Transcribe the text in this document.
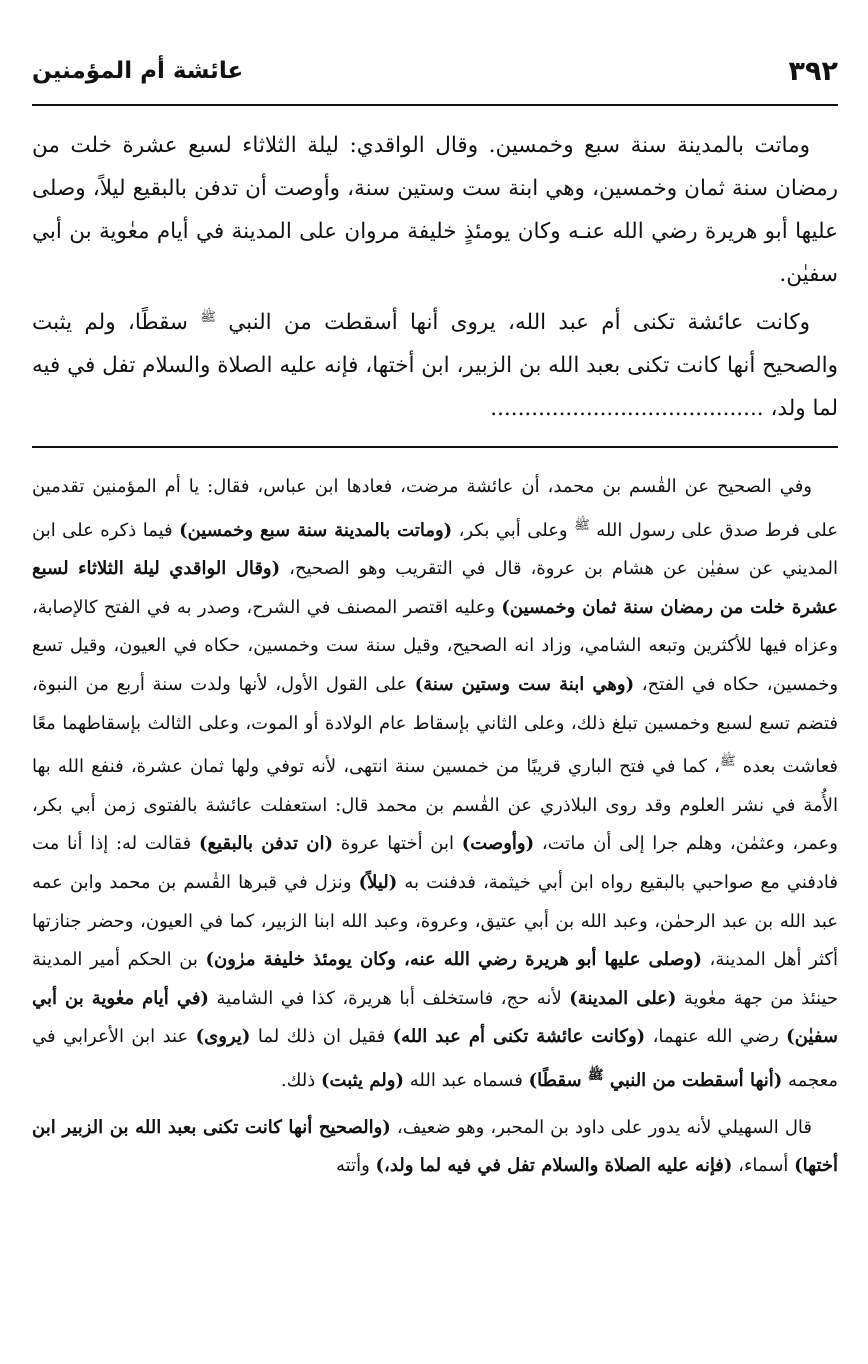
٣٩٢
عائشة أم المؤمنين

وماتت بالمدينة سنة سبع وخمسين. وقال الواقدي: ليلة الثلاثاء لسبع عشرة خلت من رمضان سنة ثمان وخمسين، وهي ابنة ست وستين سنة، وأوصت أن تدفن بالبقيع ليلاً، وصلى عليها أبو هريرة رضي الله عنـه وكان يومئذٍ خليفة مروان على المدينة في أيام معٰوية بن أبي سفيٰن.

وكانت عائشة تكنى أم عبد الله، يروى أنها أسقطت من النبي $^ﷺ$ سقطًا، ولم يثبت والصحيح أنها كانت تكنى بعبد الله بن الزبير، ابن أختها، فإنه عليه الصلاة والسلام تفل في فيه لما ولد، ........................................

وفي الصحيح عن القٰسم بن محمد، أن عائشة مرضت، فعادها ابن عباس، فقال: يا أم المؤمنين تقدمين على فرط صدق على رسول الله $^ﷺ$ وعلى أبي بكر، (وماتت بالمدينة سنة سبع وخمسين) فيما ذكره على ابن المديني عن سفيٰن عن هشام بن عروة، قال في التقريب وهو الصحيح، (وقال الواقدي ليلة الثلاثاء لسبع عشرة خلت من رمضان سنة ثمان وخمسين) وعليه اقتصر المصنف في الشرح، وصدر به في الفتح كالإصابة، وعزاه فيها للأكثرين وتبعه الشامي، وزاد انه الصحيح، وقيل سنة ست وخمسين، حكاه في العيون، وقيل تسع وخمسين، حكاه في الفتح، (وهي ابنة ست وستين سنة) على القول الأول، لأنها ولدت سنة أربع من النبوة، فتضم تسع لسبع وخمسين تبلغ ذلك، وعلى الثاني بإسقاط عام الولادة أو الموت، وعلى الثالث بإسقاطهما معًا فعاشت بعده $^ﷺ$، كما في فتح الباري قريبًا من خمسين سنة انتهى، لأنه توفي ولها ثمان عشرة، فنفع الله بها الأُمة في نشر العلوم وقد روى البلاذري عن القٰسم بن محمد قال: استعفلت عائشة بالفتوى زمن أبي بكر، وعمر، وعثمٰن، وهلم جرا إلى أن ماتت، (وأوصت) ابن أختها عروة (ان تدفن بالبقيع) فقالت له: إذا أنا مت فادفني مع صواحبي بالبقيع رواه ابن أبي خيثمة، فدفنت به (ليلاً) ونزل في قبرها القٰسم بن محمد وابن عمه عبد الله بن عبد الرحمٰن، وعبد الله بن أبي عتيق، وعروة، وعبد الله ابنا الزبير، كما في العيون، وحضر جنازتها أكثر أهل المدينة، (وصلى عليها أبو هريرة رضي الله عنه، وكان يومئذ خليفة مرٰون) بن الحكم أمير المدينة حينئذ من جهة معٰوية (على المدينة) لأنه حج، فاستخلف أبا هريرة، كذا في الشامية (في أيام معٰوية بن أبي سفيٰن) رضي الله عنهما، (وكانت عائشة تكنى أم عبد الله) فقيل ان ذلك لما (يروى) عند ابن الأعرابي في معجمه (أنها أسقطت من النبي $^ﷺ$ سقطًا) فسماه عبد الله (ولم يثبت) ذلك.

قال السهيلي لأنه يدور على داود بن المحبر، وهو ضعيف، (والصحيح أنها كانت تكنى بعبد الله بن الزبير ابن أختها) أسماء، (فإنه عليه الصلاة والسلام تفل في فيه لما ولد،) وأتته
